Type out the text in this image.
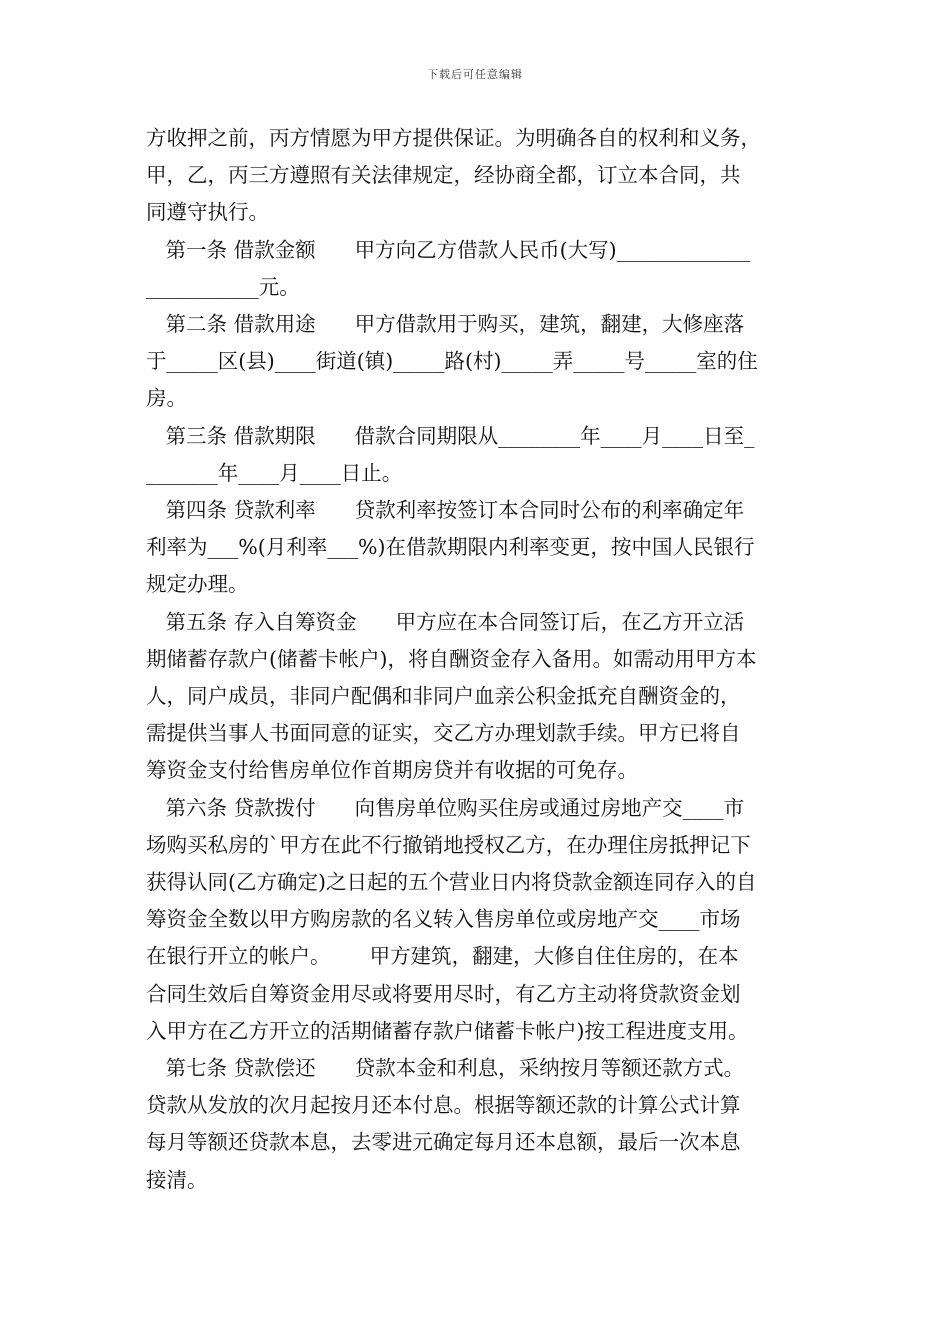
下载后可任意编辑
方收押之前，丙方情愿为甲方提供保证。为明确各自的权利和义务，
甲，乙，丙三方遵照有关法律规定，经协商全都，订立本合同，共
同遵守执行。
第一条 借款金额      甲方向乙方借款人民币(大写)_____________
___________元。
第二条 借款用途      甲方借款用于购买，建筑，翻建，大修座落
于_____区(县)____街道(镇)_____路(村)_____弄_____号_____室的住
房。
第三条 借款期限      借款合同期限从________年____月____日至_
_______年____月____日止。
第四条 贷款利率      贷款利率按签订本合同时公布的利率确定年
利率为___%(月利率___%)在借款期限内利率变更，按中国人民银行
规定办理。
第五条 存入自筹资金      甲方应在本合同签订后，在乙方开立活
期储蓄存款户(储蓄卡帐户)，将自酬资金存入备用。如需动用甲方本
人，同户成员，非同户配偶和非同户血亲公积金抵充自酬资金的，
需提供当事人书面同意的证实，交乙方办理划款手续。甲方已将自
筹资金支付给售房单位作首期房贷并有收据的可免存。
第六条 贷款拨付      向售房单位购买住房或通过房地产交____市
场购买私房的`甲方在此不行撤销地授权乙方，在办理住房抵押记下
获得认同(乙方确定)之日起的五个营业日内将贷款金额连同存入的自
筹资金全数以甲方购房款的名义转入售房单位或房地产交____市场
在银行开立的帐户。      甲方建筑，翻建，大修自住住房的，在本
合同生效后自筹资金用尽或将要用尽时，有乙方主动将贷款资金划
入甲方在乙方开立的活期储蓄存款户储蓄卡帐户)按工程进度支用。
第七条 贷款偿还      贷款本金和利息，采纳按月等额还款方式。
贷款从发放的次月起按月还本付息。根据等额还款的计算公式计算
每月等额还贷款本息，去零进元确定每月还本息额，最后一次本息
接清。
